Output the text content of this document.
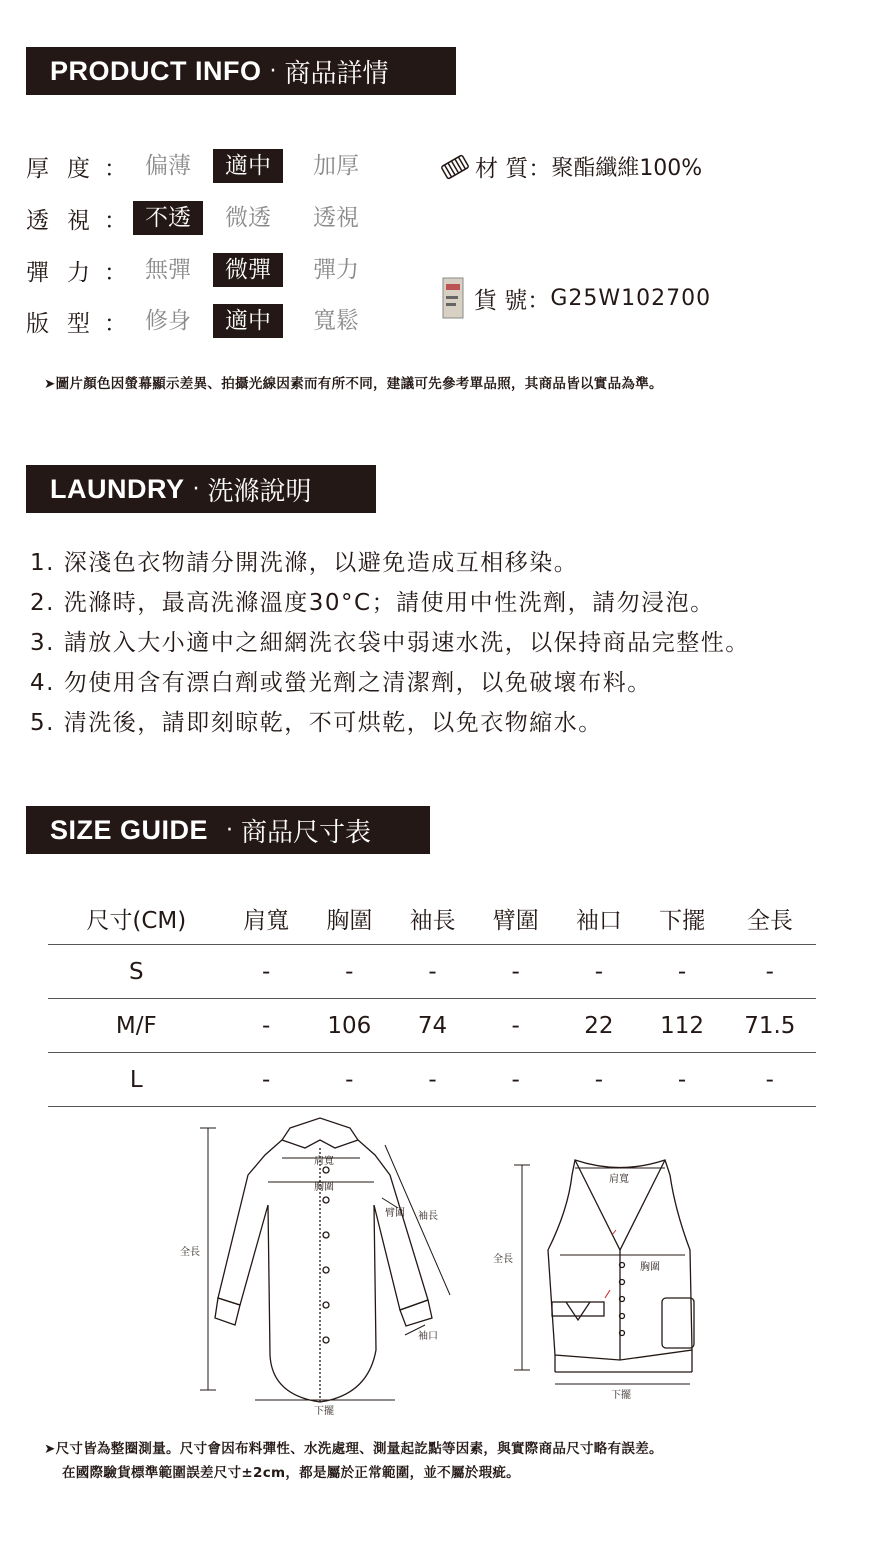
PRODUCT INFO · 商品詳情
厚度
： 偏薄	適中	加厚
透視
： 不透	微透	透視
彈力
： 無彈	微彈	彈力
版型
： 修身	適中	寬鬆
材 質： 聚酯纖維100%
貨 號： G25W102700
➤圖片顏色因螢幕顯示差異、拍攝光線因素而有所不同，建議可先參考單品照，其商品皆以實品為準。
LAUNDRY · 洗滌說明
1. 深淺色衣物請分開洗滌，以避免造成互相移染。
2. 洗滌時，最高洗滌溫度30°C；請使用中性洗劑，請勿浸泡。
3. 請放入大小適中之細網洗衣袋中弱速水洗，以保持商品完整性。
4. 勿使用含有漂白劑或螢光劑之清潔劑，以免破壞布料。
5. 清洗後，請即刻晾乾，不可烘乾，以免衣物縮水。
SIZE GUIDE · 商品尺寸表
尺寸(CM)	肩寬	胸圍	袖長	臂圍	袖口	下擺	全長
S	-	-	-	-	-	-	-
M/F	-	106	74	-	22	112	71.5
L	-	-	-	-	-	-	-
肩寬
胸圍
臂圍 袖長
全長
袖口
下擺
肩寬
胸圍
全長
下擺
➤尺寸皆為整圈測量。尺寸會因布料彈性、水洗處理、測量起訖點等因素，與實際商品尺寸略有誤差。
在國際驗貨標準範圍誤差尺寸±2cm，都是屬於正常範圍，並不屬於瑕疵。
